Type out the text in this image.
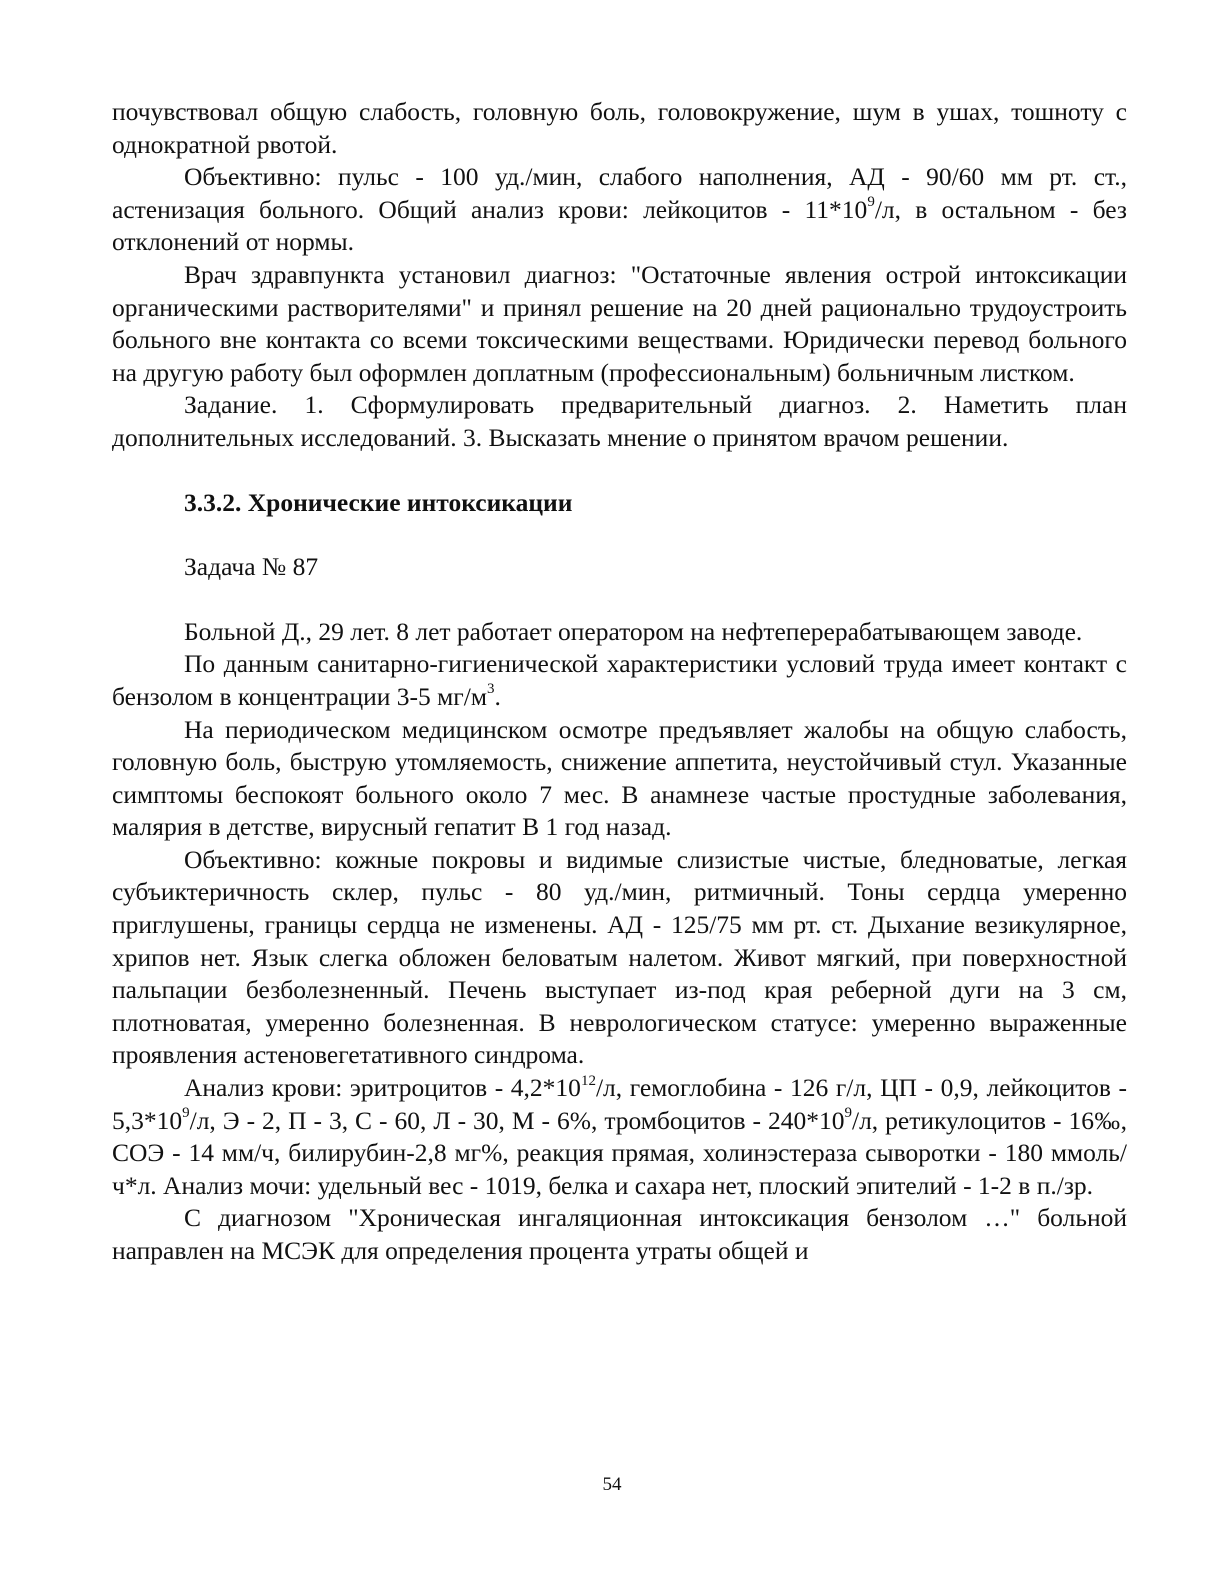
почувствовал общую слабость, головную боль, головокружение, шум в ушах, тошноту с однократной рвотой.

Объективно: пульс - 100 уд./мин, слабого наполнения, АД - 90/60 мм рт. ст., астенизация больного. Общий анализ крови: лейкоцитов - $11*10^9/л$, в остальном - без отклонений от нормы.

Врач здравпункта установил диагноз: "Остаточные явления острой интоксикации органическими растворителями" и принял решение на 20 дней рационально трудоустроить больного вне контакта со всеми токсическими веществами. Юридически перевод больного на другую работу был оформлен доплатным (профессиональным) больничным листком.

Задание. 1. Сформулировать предварительный диагноз. 2. Наметить план дополнительных исследований. 3. Высказать мнение о принятом врачом решении.

3.3.2. Хронические интоксикации

Задача № 87

Больной Д., 29 лет. 8 лет работает оператором на нефтеперерабатывающем заводе.

По данным санитарно-гигиенической характеристики условий труда имеет контакт с бензолом в концентрации 3-5 $мг/м^3$.

На периодическом медицинском осмотре предъявляет жалобы на общую слабость, головную боль, быструю утомляемость, снижение аппетита, неустойчивый стул. Указанные симптомы беспокоят больного около 7 мес. В анамнезе частые простудные заболевания, малярия в детстве, вирусный гепатит В 1 год назад.

Объективно: кожные покровы и видимые слизистые чистые, бледноватые, легкая субъиктеричность склер, пульс - 80 уд./мин, ритмичный. Тоны сердца умеренно приглушены, границы сердца не изменены. АД - 125/75 мм рт. ст. Дыхание везикулярное, хрипов нет. Язык слегка обложен беловатым налетом. Живот мягкий, при поверхностной пальпации безболезненный. Печень выступает из-под края реберной дуги на 3 см, плотноватая, умеренно болезненная. В неврологическом статусе: умеренно выраженные проявления астеновегетативного синдрома.

Анализ крови: эритроцитов - $4,2*10^{12}/л$, гемоглобина - 126 г/л, ЦП - 0,9, лейкоцитов - $5,3*10^9/л$, Э - 2, П - 3, С - 60, Л - 30, М - 6%, тромбоцитов - $240*10^9/л$, ретикулоцитов - 16‰, СОЭ - 14 мм/ч, билирубин-2,8 мг%, реакция прямая, холинэстераза сыворотки - 180 ммоль/ч*л. Анализ мочи: удельный вес - 1019, белка и сахара нет, плоский эпителий - 1-2 в п./зр.

С диагнозом "Хроническая ингаляционная интоксикация бензолом …" больной направлен на МСЭК для определения процента утраты общей и

54
